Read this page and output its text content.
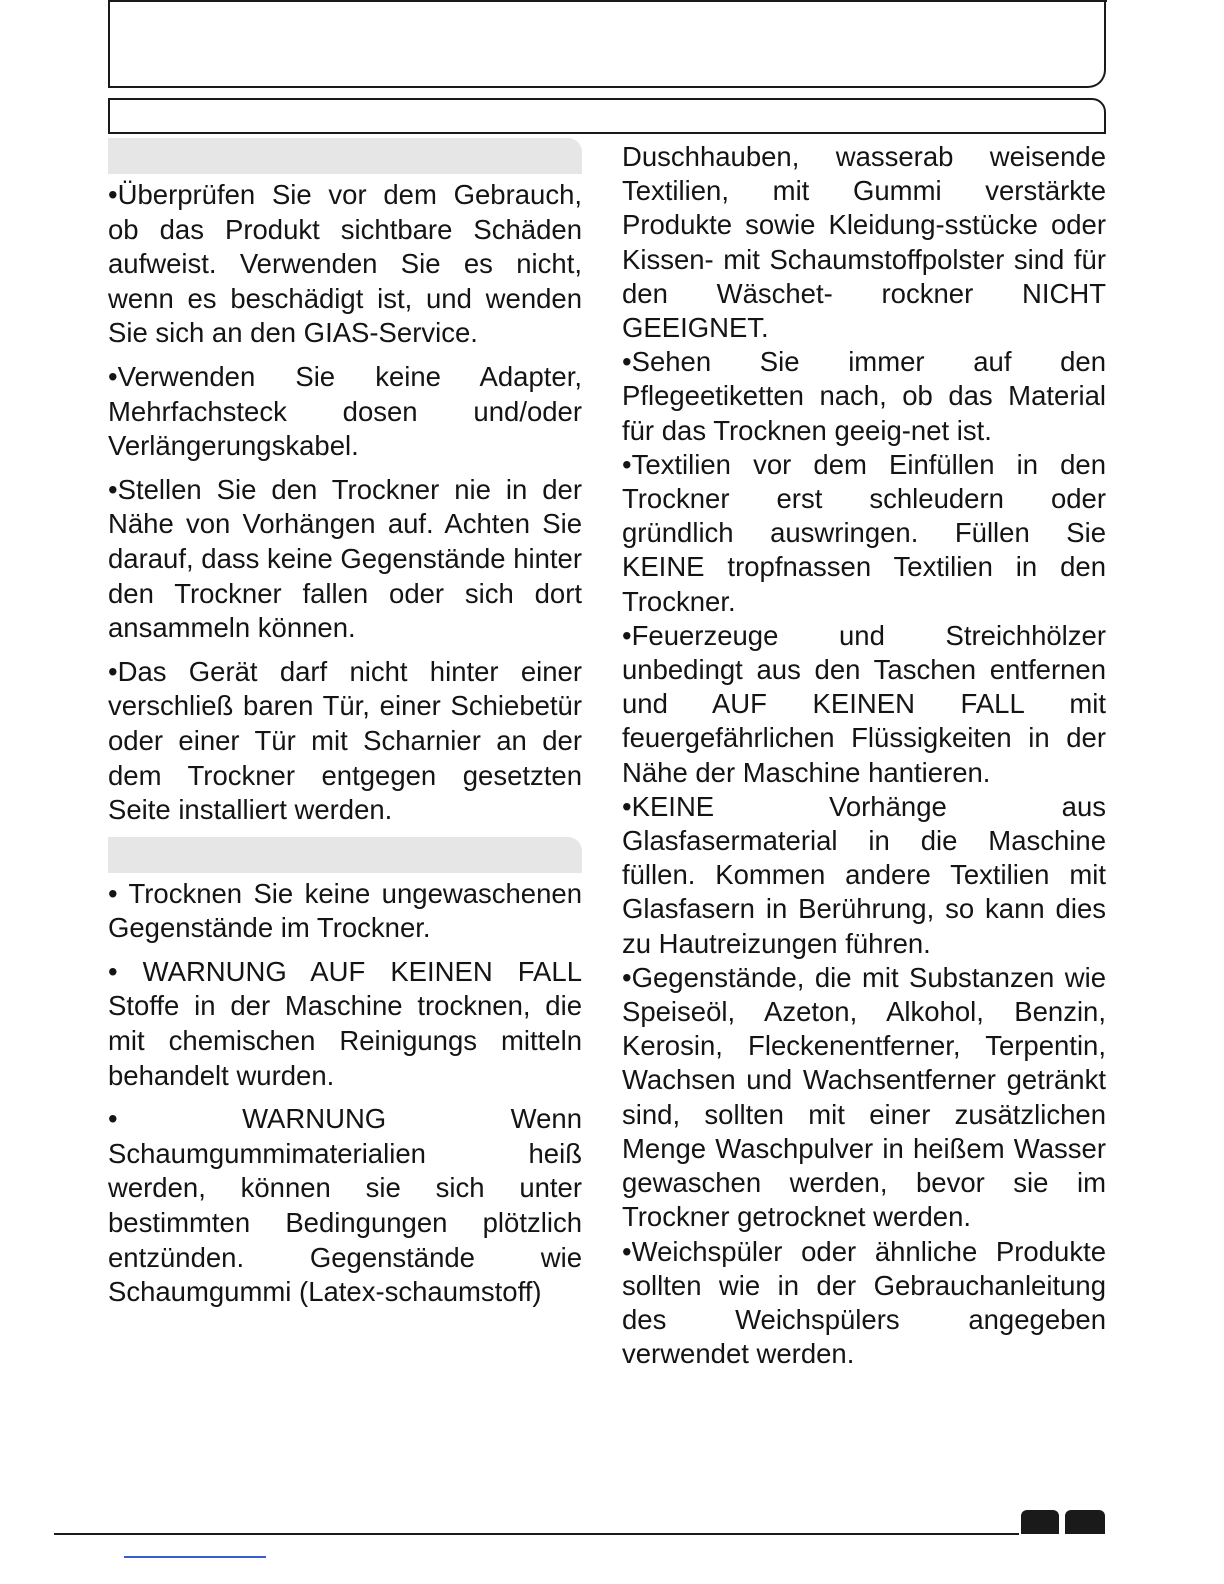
•Überprüfen Sie vor dem Gebrauch, ob das Produkt sichtbare Schäden aufweist. Verwenden Sie es nicht, wenn es beschädigt ist, und wenden Sie sich an den GIAS-Service.

•Verwenden Sie keine Adapter, Mehrfachsteck dosen und/oder Verlängerungskabel.

•Stellen Sie den Trockner nie in der Nähe von Vorhängen auf. Achten Sie darauf, dass keine Gegenstände hinter den Trockner fallen oder sich dort ansammeln können.

•Das Gerät darf nicht hinter einer verschließ baren Tür, einer Schiebetür oder einer Tür mit Scharnier an der dem Trockner entgegen gesetzten Seite installiert werden.

• Trocknen Sie keine ungewaschenen Gegenstände im Trockner.

• WARNUNG AUF KEINEN FALL Stoffe in der Maschine trocknen, die mit chemischen Reinigungs mitteln behandelt wurden.

• WARNUNG Wenn Schaumgummimaterialien heiß werden, können sie sich unter bestimmten Bedingungen plötzlich entzünden. Gegenstände wie Schaumgummi (Latex-schaumstoff)

Duschhauben, wasserab weisende Textilien, mit Gummi verstärkte Produkte sowie Kleidung-sstücke oder Kissen- mit Schaumstoffpolster sind für den Wäschet- rockner NICHT GEEIGNET.

•Sehen Sie immer auf den Pflegeetiketten nach, ob das Material für das Trocknen geeig-net ist.

•Textilien vor dem Einfüllen in den Trockner erst schleudern oder gründlich auswringen. Füllen Sie KEINE tropfnassen Textilien in den Trockner.

•Feuerzeuge und Streichhölzer unbedingt aus den Taschen entfernen und AUF KEINEN FALL mit feuergefährlichen Flüssigkeiten in der Nähe der Maschine hantieren.

•KEINE Vorhänge aus Glasfasermaterial in die Maschine füllen. Kommen andere Textilien mit Glasfasern in Berührung, so kann dies zu Hautreizungen führen.

•Gegenstände, die mit Substanzen wie Speiseöl, Azeton, Alkohol, Benzin, Kerosin, Fleckenentferner, Terpentin, Wachsen und Wachsentferner getränkt sind, sollten mit einer zusätzlichen Menge Waschpulver in heißem Wasser gewaschen werden, bevor sie im Trockner getrocknet werden.

•Weichspüler oder ähnliche Produkte sollten wie in der Gebrauchanleitung des Weichspülers angegeben verwendet werden.
